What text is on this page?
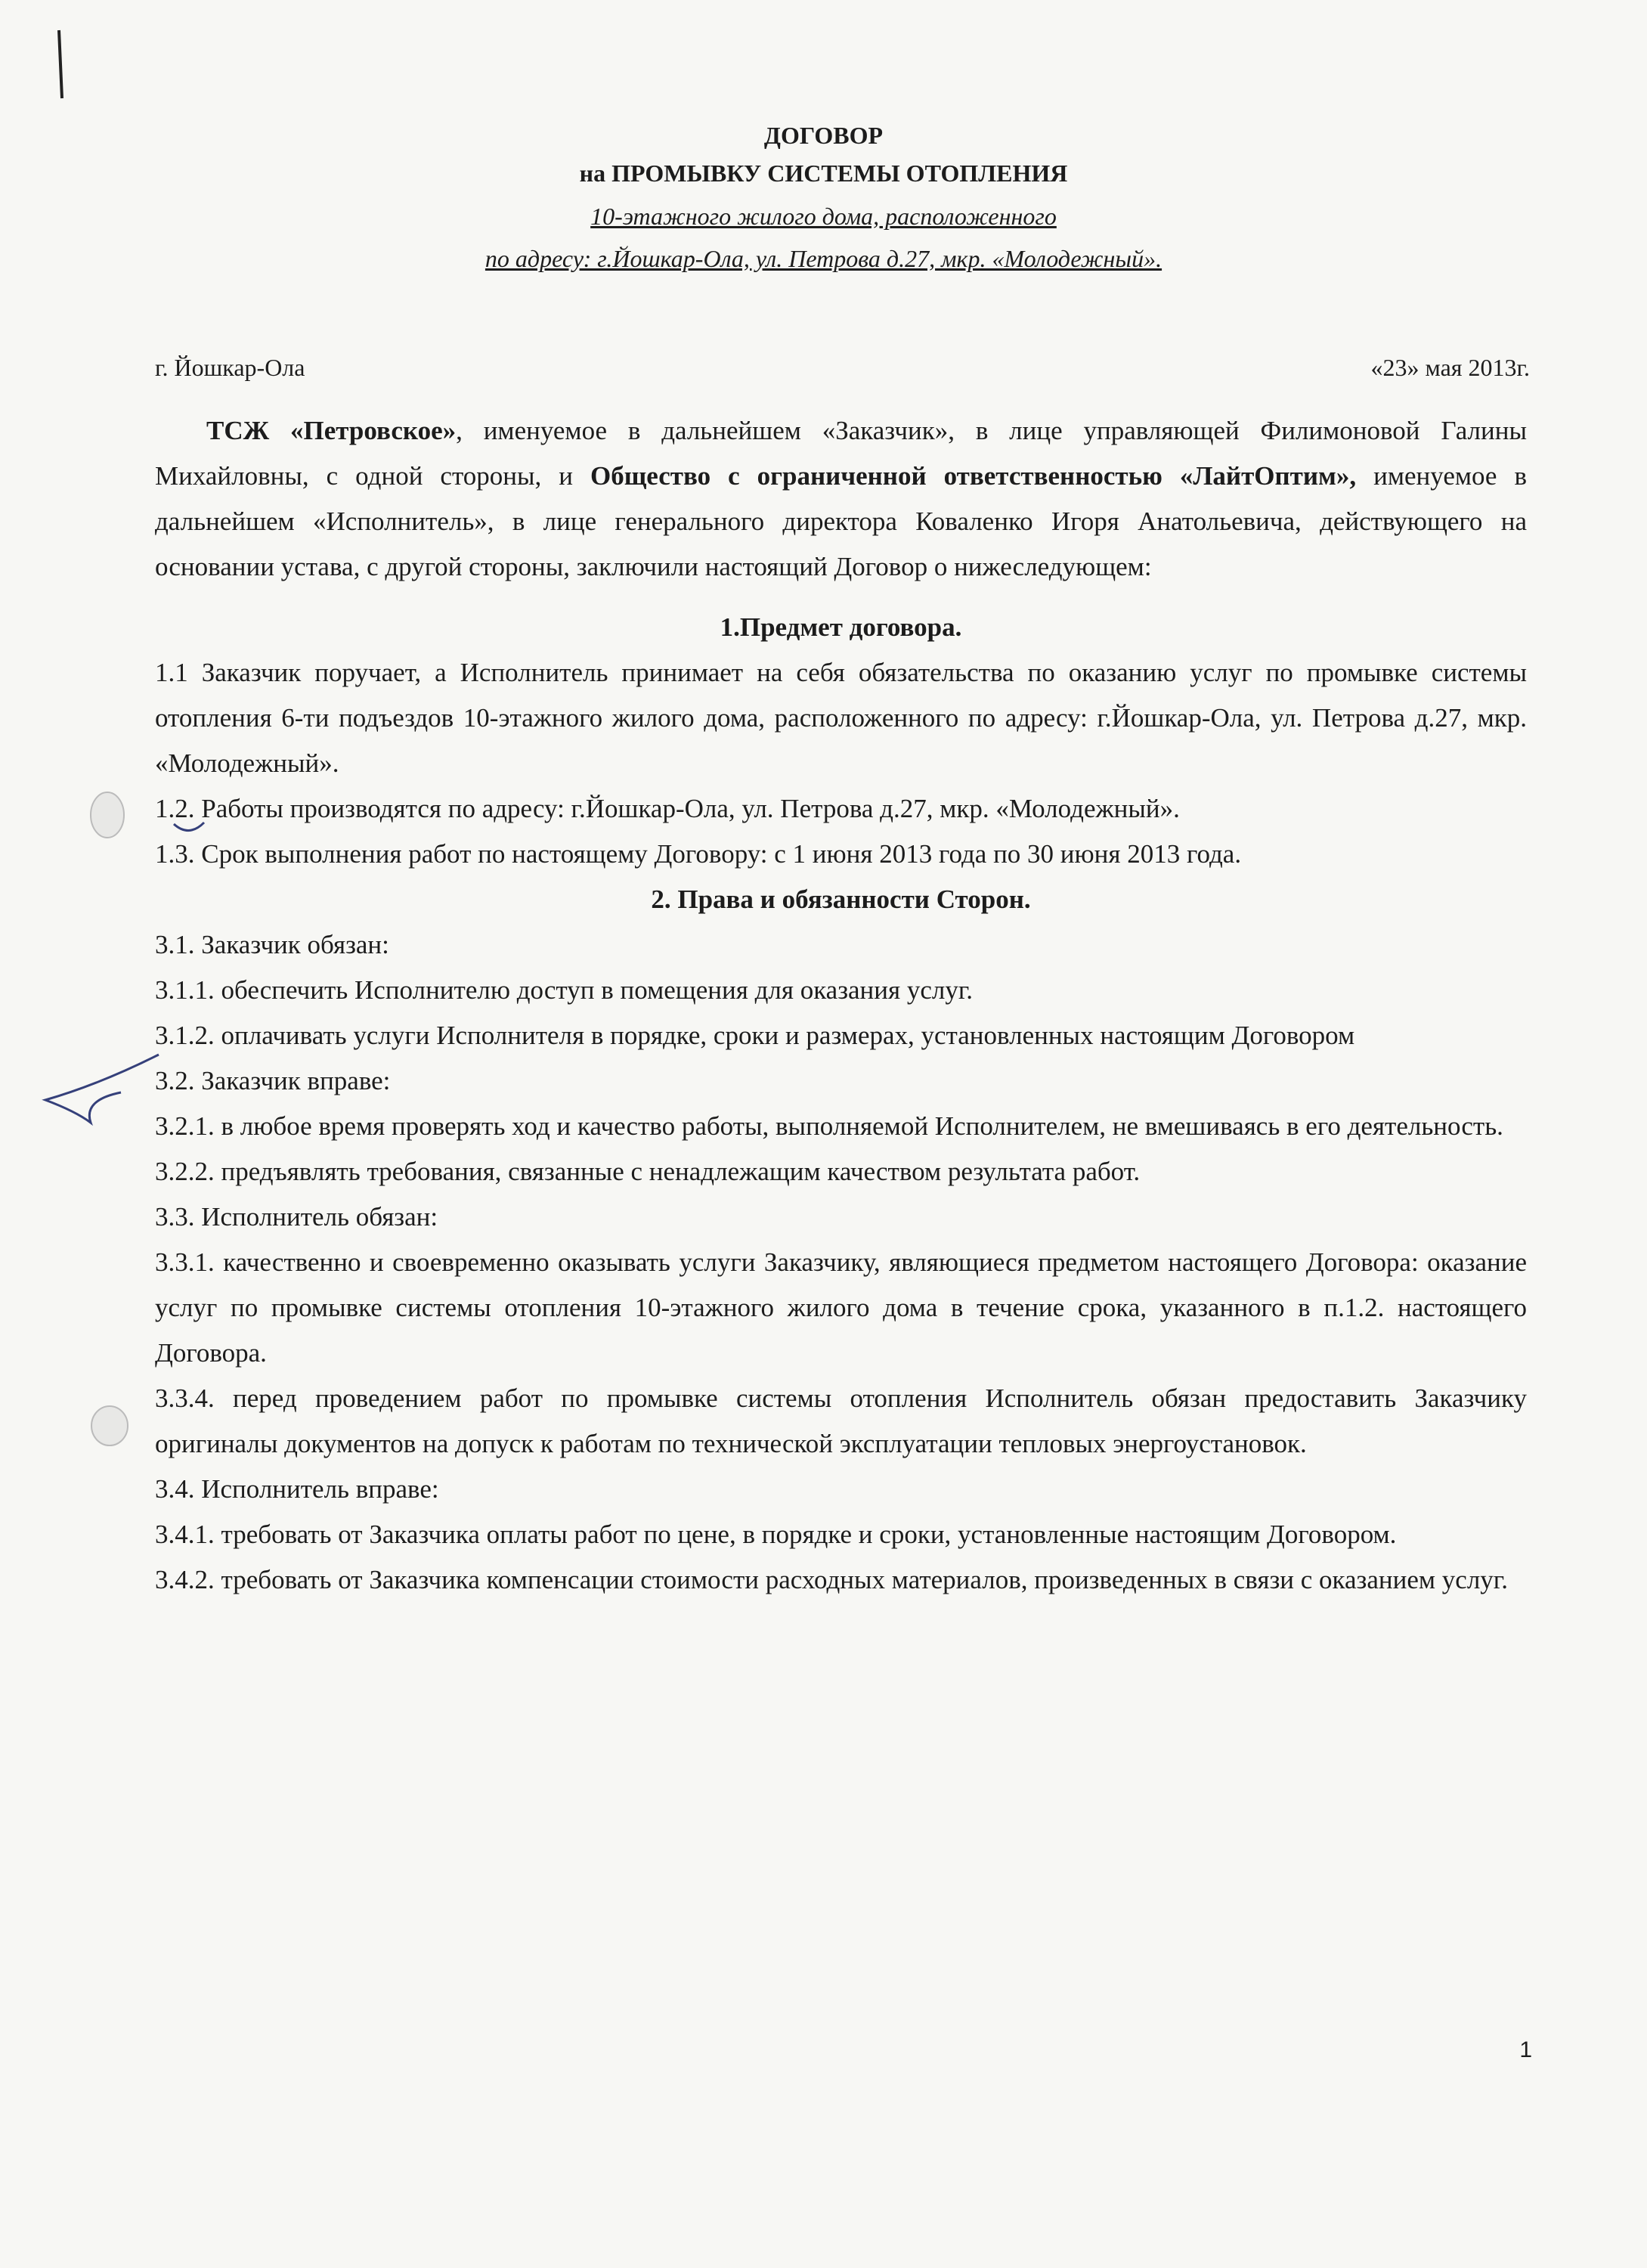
ДОГОВОР
на ПРОМЫВКУ СИСТЕМЫ ОТОПЛЕНИЯ
10-этажного жилого дома, расположенного
по адресу: г.Йошкар-Ола, ул. Петрова д.27, мкр. «Молодежный».
г. Йошкар-Ола	«23» мая 2013г.

ТСЖ «Петровское», именуемое в дальнейшем «Заказчик», в лице управляющей Филимоновой Галины Михайловны, с одной стороны, и Общество с ограниченной ответственностью «ЛайтОптим», именуемое в дальнейшем «Исполнитель», в лице генерального директора Коваленко Игоря Анатольевича, действующего на основании устава, с другой стороны, заключили настоящий Договор о нижеследующем:

1.Предмет договора.

1.1 Заказчик поручает, а Исполнитель принимает на себя обязательства по оказанию услуг по промывке системы отопления 6-ти подъездов 10-этажного жилого дома, расположенного по адресу: г.Йошкар-Ола, ул. Петрова д.27, мкр. «Молодежный».

1.2. Работы производятся по адресу: г.Йошкар-Ола, ул. Петрова д.27, мкр. «Молодежный».

1.3. Срок выполнения работ по настоящему Договору: с 1 июня 2013 года по 30 июня 2013 года.

2. Права и обязанности Сторон.

3.1. Заказчик обязан:

3.1.1. обеспечить Исполнителю доступ в помещения для оказания услуг.

3.1.2. оплачивать услуги Исполнителя в порядке, сроки и размерах, установленных настоящим Договором

3.2. Заказчик вправе:

3.2.1. в любое время проверять ход и качество работы, выполняемой Исполнителем, не вмешиваясь в его деятельность.

3.2.2. предъявлять требования, связанные с ненадлежащим качеством результата работ.

3.3. Исполнитель обязан:

3.3.1. качественно и своевременно оказывать услуги Заказчику, являющиеся предметом настоящего Договора: оказание услуг по промывке системы отопления 10-этажного жилого дома в течение срока, указанного в п.1.2. настоящего Договора.

3.3.4. перед проведением работ по промывке системы отопления Исполнитель обязан предоставить Заказчику оригиналы документов на допуск к работам по технической эксплуатации тепловых энергоустановок.

3.4. Исполнитель вправе:

3.4.1. требовать от Заказчика оплаты работ по цене, в порядке и сроки, установленные настоящим Договором.

3.4.2. требовать от Заказчика компенсации стоимости расходных материалов, произведенных в связи с оказанием услуг.

1
